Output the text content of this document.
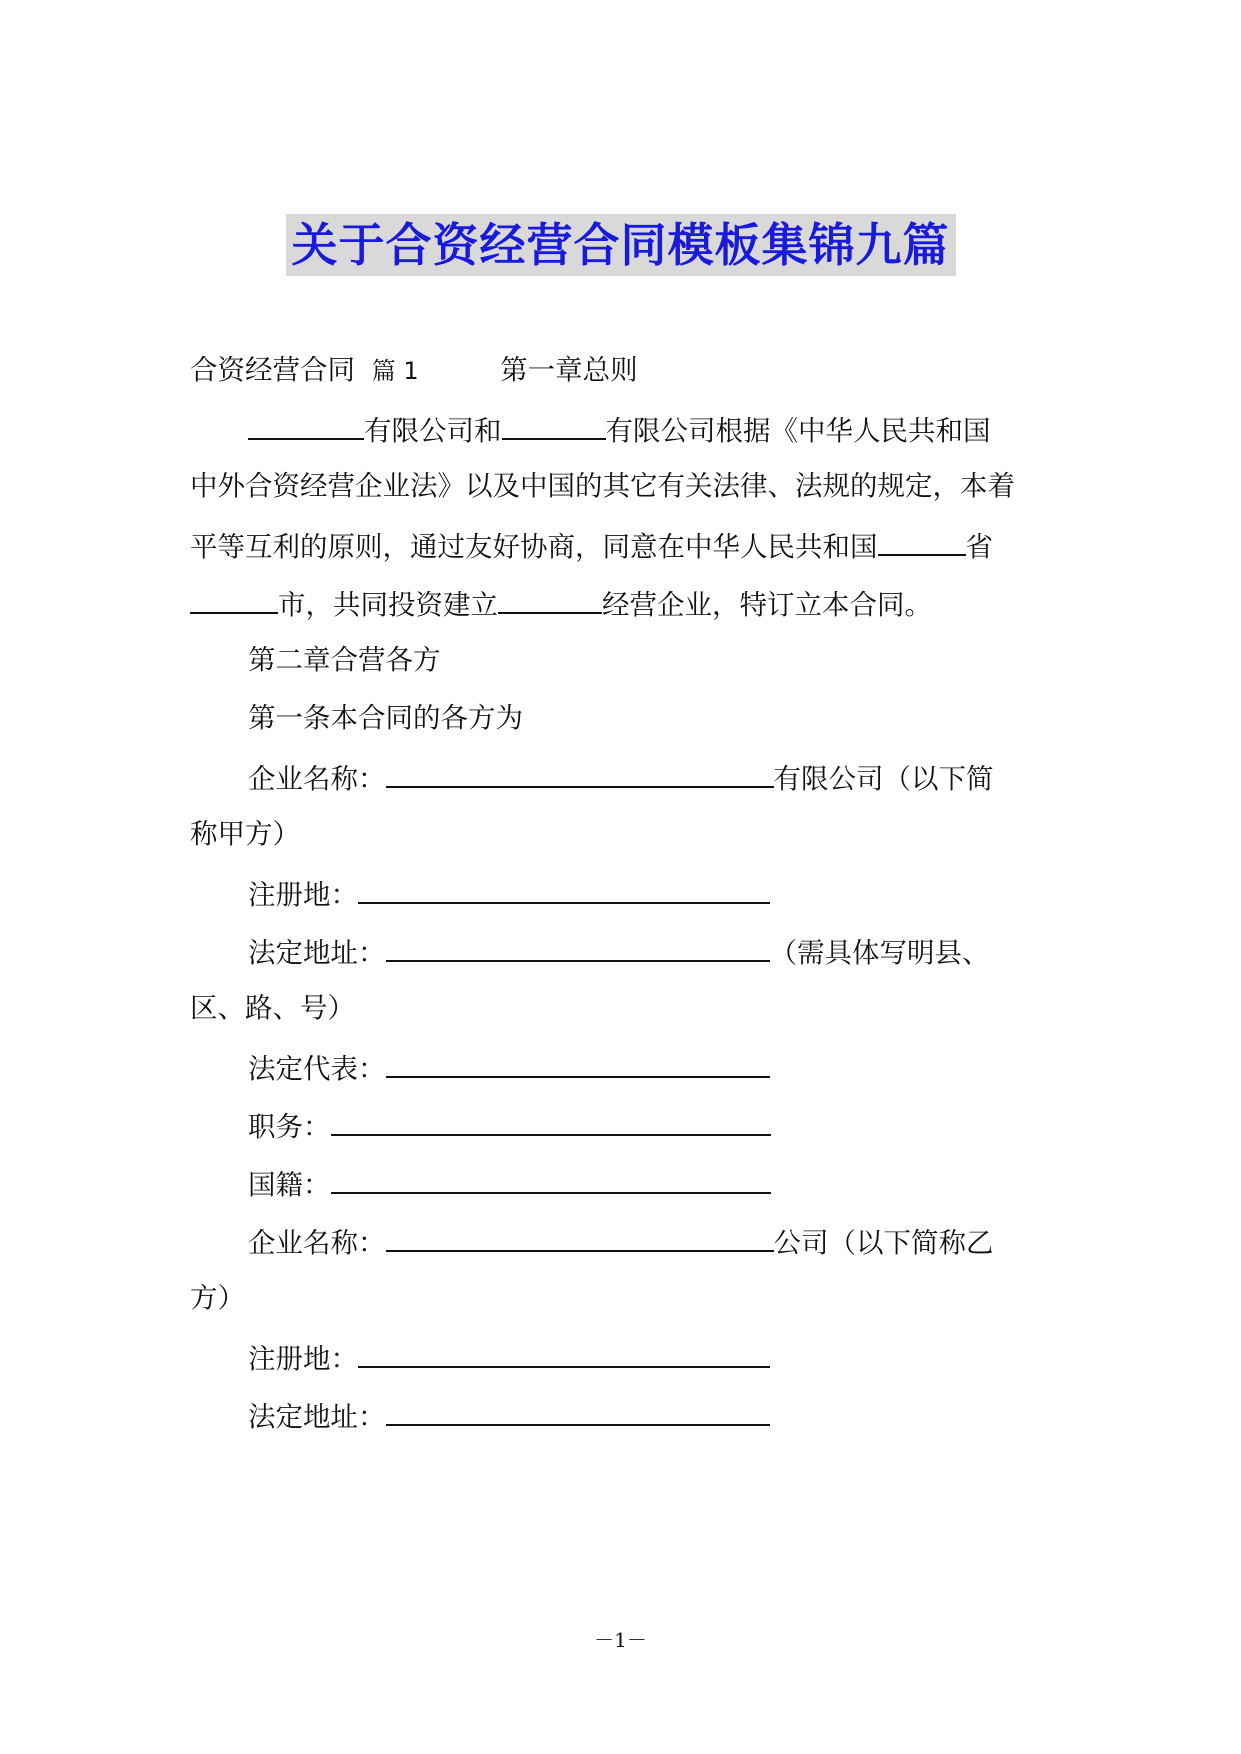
关于合资经营合同模板集锦九篇
合资经营合同 篇 1	第一章总则
有限公司和	有限公司根据《中华人民共和国
中外合资经营企业法》以及中国的其它有关法律、法规的规定，本着
平等互利的原则，通过友好协商，同意在中华人民共和国	省
市，共同投资建立	经营企业，特订立本合同。
第二章合营各方
第一条本合同的各方为
企业名称：	有限公司（以下简
称甲方）
注册地：
法定地址：	（需具体写明县、
区、路、号）
法定代表：
职务：
国籍：
企业名称：	公司（以下简称乙
方）
注册地：
法定地址：
－1－
